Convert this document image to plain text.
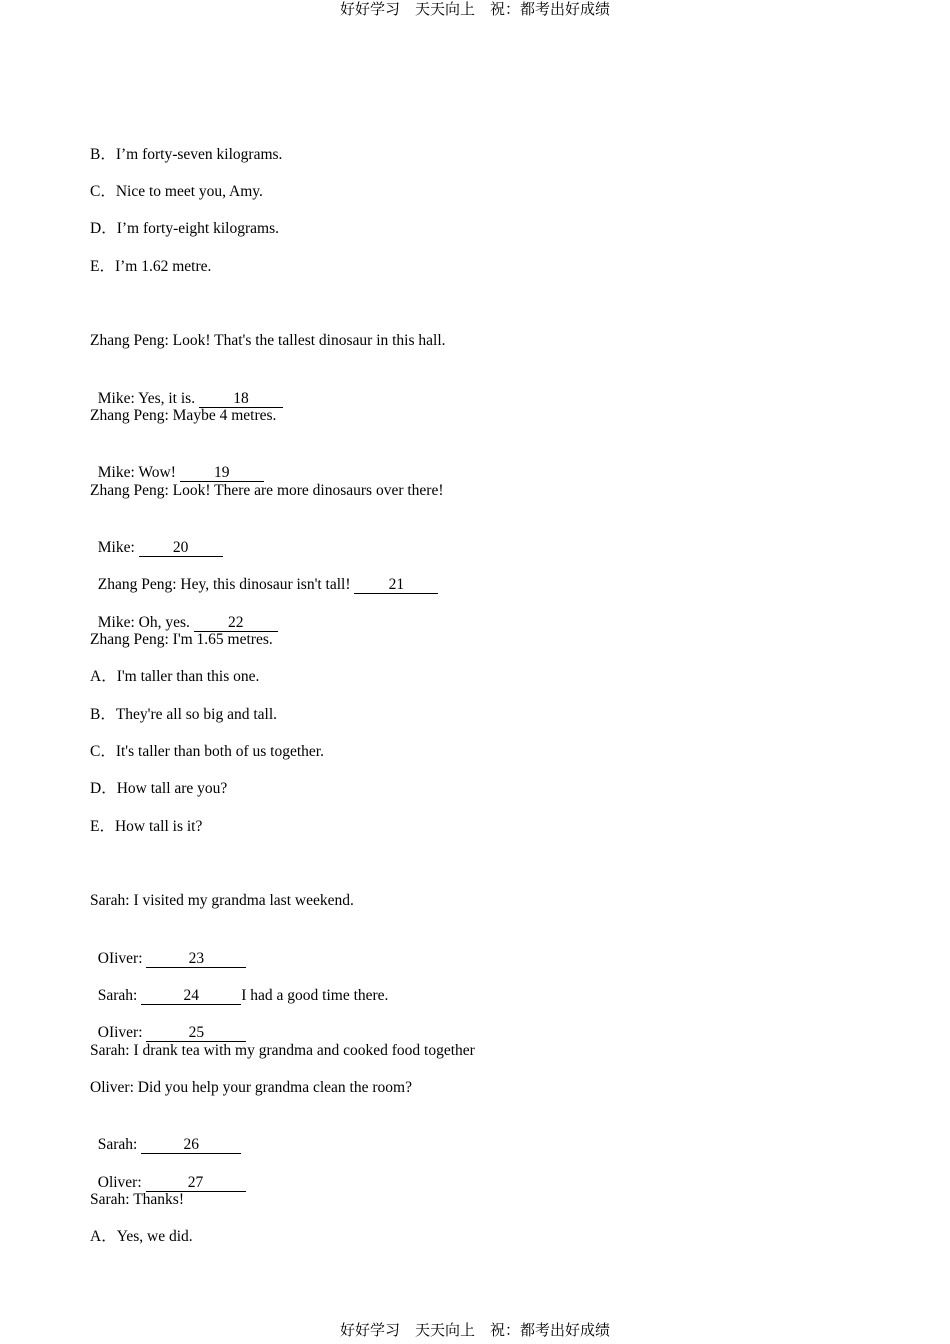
好好学习　天天向上　祝：都考出好成绩
B．I’m forty-seven kilograms.
C．Nice to meet you, Amy.
D．I’m forty-eight kilograms.
E．I’m 1.62 metre.
Zhang Peng: Look! That's the tallest dinosaur in this hall.

Mike: Yes, it is. 18

Zhang Peng: Maybe 4 metres.

Mike: Wow! 19

Zhang Peng: Look! There are more dinosaurs over there!

Mike: 20

Zhang Peng: Hey, this dinosaur isn't tall! 21

Mike: Oh, yes. 22

Zhang Peng: I'm 1.65 metres.
A．I'm taller than this one.
B．They're all so big and tall.
C．It's taller than both of us together.
D．How tall are you?
E．How tall is it?
Sarah: I visited my grandma last weekend.

OIiver:	23

Sarah:	24	I had a good time there.

OIiver:	25

Sarah: I drank tea with my grandma and cooked food together
Oliver: Did you help your grandma clean the room?

Sarah:	26

Oliver:	27

Sarah: Thanks!
A．Yes, we did.
好好学习　天天向上　祝：都考出好成绩
